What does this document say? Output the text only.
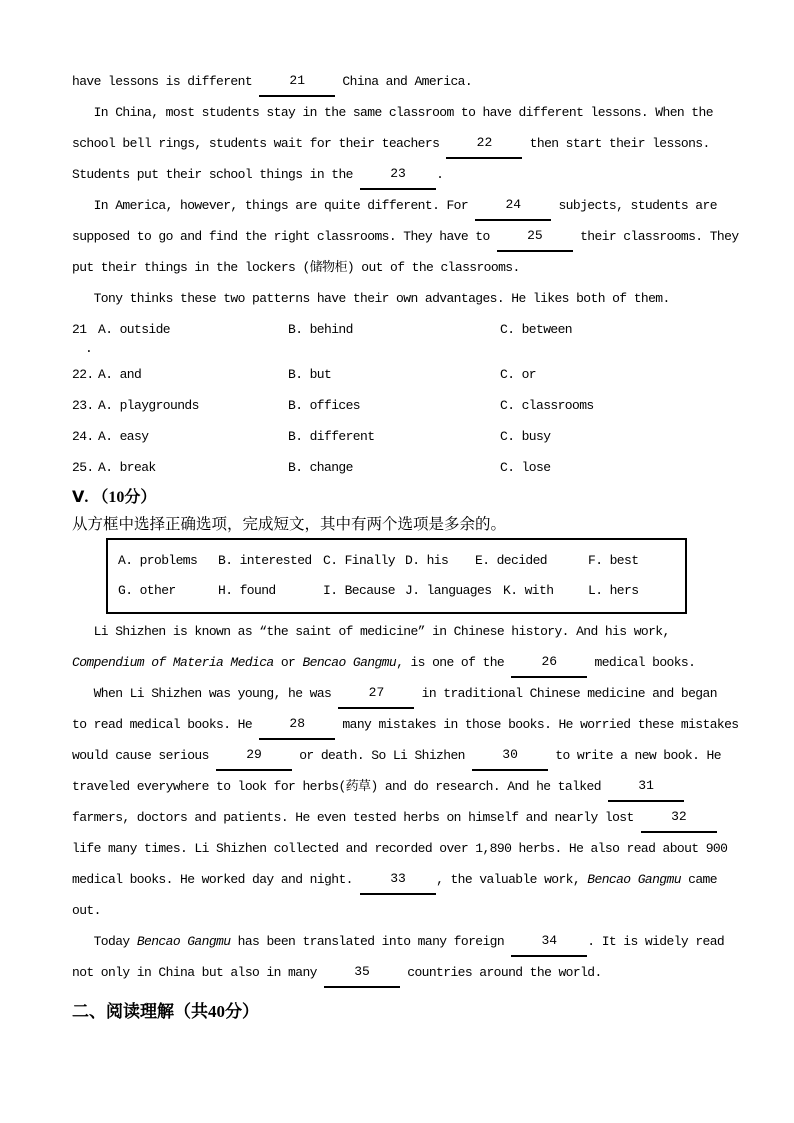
have lessons is different 21 China and America.
In China, most students stay in the same classroom to have different lessons. When the
school bell rings, students wait for their teachers 22 then start their lessons.
Students put their school things in the 23 .
In America, however, things are quite different. For 24 subjects, students are
supposed to go and find the right classrooms. They have to 25 their classrooms. They
put their things in the lockers (储物柜) out of the classrooms.
Tony thinks these two patterns have their own advantages. He likes both of them.
21 A. outside	B. behind	C. between
.
22. A. and	B. but	C. or
23. A. playgrounds	B. offices	C. classrooms
24. A. easy	B. different	C. busy
25. A. break	B. change	C. lose
Ⅴ. （10分）
从方框中选择正确选项，完成短文，其中有两个选项是多余的。
A. problems	B. interested C. Finally D. his	E. decided	F. best
G. other	H. found	I. Because J. languages K. with	L. hers
Li Shizhen is known as “the saint of medicine” in Chinese history. And his work,
Compendium of Materia Medica or Bencao Gangmu, is one of the 26 medical books.
When Li Shizhen was young, he was 27 in traditional Chinese medicine and began
to read medical books. He 28 many mistakes in those books. He worried these mistakes
would cause serious 29 or death. So Li Shizhen 30 to write a new book. He
traveled everywhere to look for herbs(药草) and do research. And he talked 31
farmers, doctors and patients. He even tested herbs on himself and nearly lost 32
life many times. Li Shizhen collected and recorded over 1,890 herbs. He also read about 900
medical books. He worked day and night. 33 , the valuable work, Bencao Gangmu came
out.
Today Bencao Gangmu has been translated into many foreign 34 . It is widely read
not only in China but also in many 35 countries around the world.
二、阅读理解（共40分）
